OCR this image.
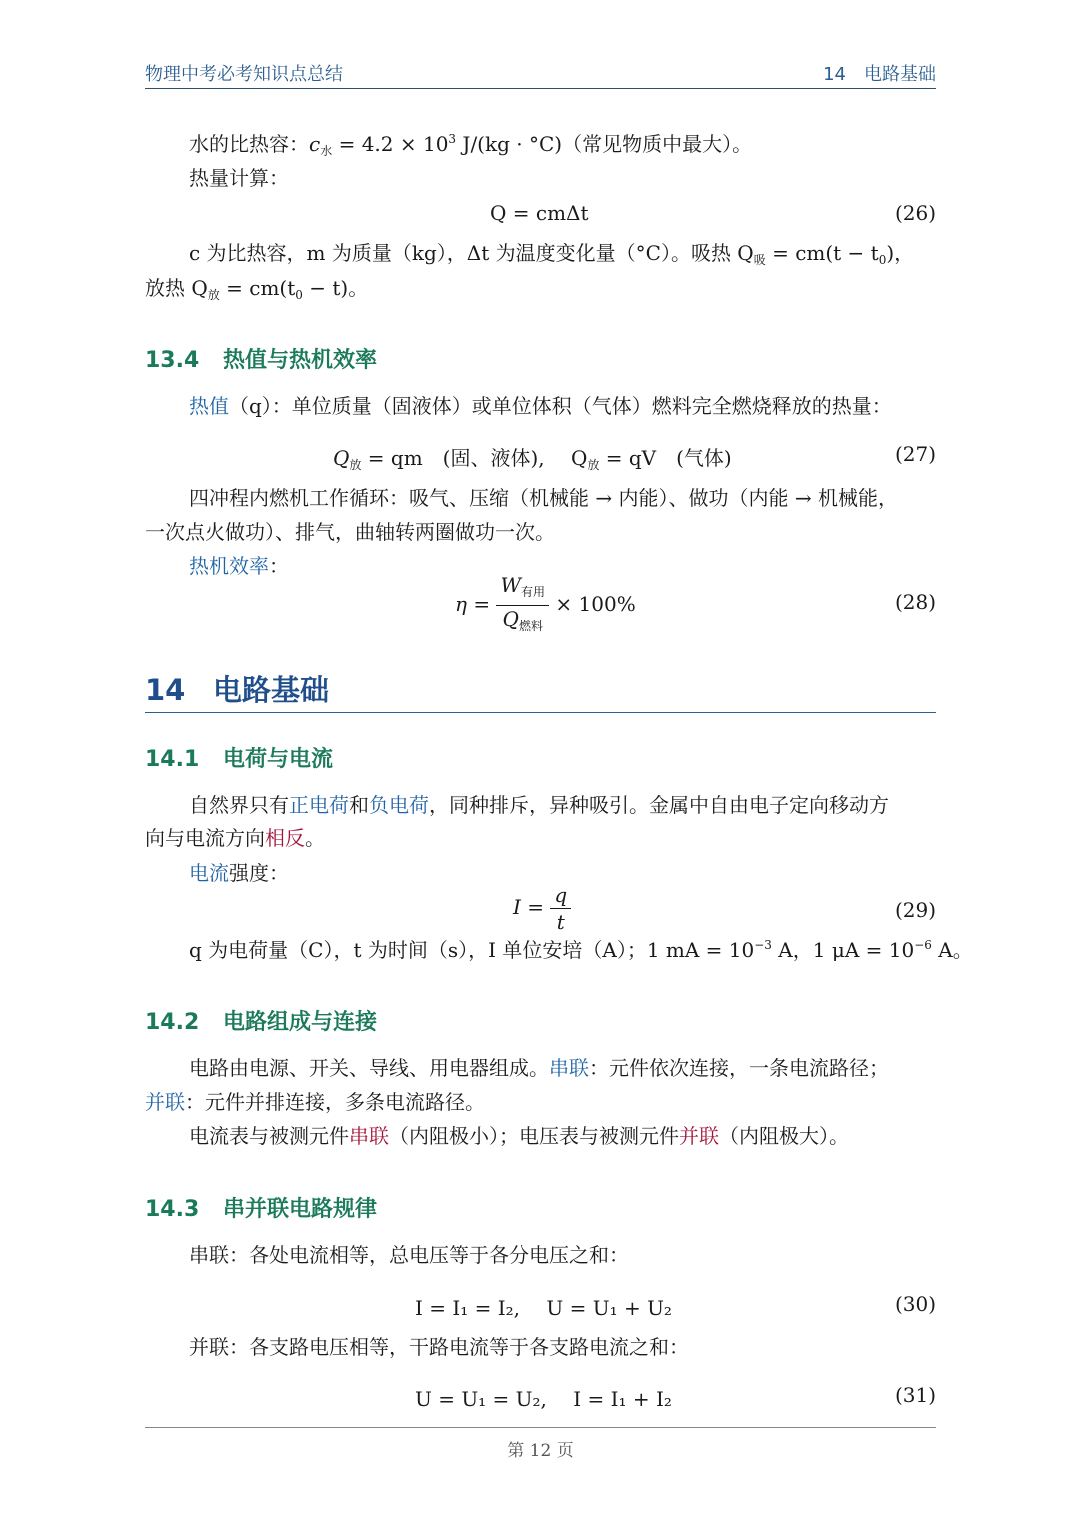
物理中考必考知识点总结	14　电路基础
水的比热容：$c_水 = 4.2 \times 10^3$ J/(kg · °C)（常见物质中最大）。
热量计算：
Q = cmΔt	(26)
c 为比热容，m 为质量（kg），Δt 为温度变化量（°C）。吸热 $Q_吸 = cm(t - t_0)$，
放热 $Q_放 = cm(t_0 - t)$。
13.4 热值与热机效率
热值（q）：单位质量（固液体）或单位体积（气体）燃料完全燃烧释放的热量：
$Q_放$ = qm　(固、液体),　 $Q_放$ = qV　(气体)	(27)
四冲程内燃机工作循环：吸气、压缩（机械能 → 内能）、做功（内能 → 机械能，
一次点火做功）、排气，曲轴转两圈做功一次。
热机效率：
$\eta = \frac{W_{有用}}{Q_{燃料}} \times 100\%$	(28)
14 电路基础
14.1 电荷与电流
自然界只有正电荷和负电荷，同种排斥，异种吸引。金属中自由电子定向移动方
向与电流方向相反。
电流强度：
$I = \frac{q}{t}$	(29)
q 为电荷量（C），t 为时间（s），I 单位安培（A）；1 mA = $10^{-3}$ A，1 $\mu A = 10^{-6}$ A。
14.2 电路组成与连接
电路由电源、开关、导线、用电器组成。串联：元件依次连接，一条电流路径；
并联：元件并排连接，多条电流路径。
电流表与被测元件串联（内阻极小）；电压表与被测元件并联（内阻极大）。
14.3 串并联电路规律
串联：各处电流相等，总电压等于各分电压之和：
I = I₁ = I₂,　 U = U₁ + U₂	(30)
并联：各支路电压相等，干路电流等于各支路电流之和：
U = U₁ = U₂,　 I = I₁ + I₂	(31)
第 12 页
